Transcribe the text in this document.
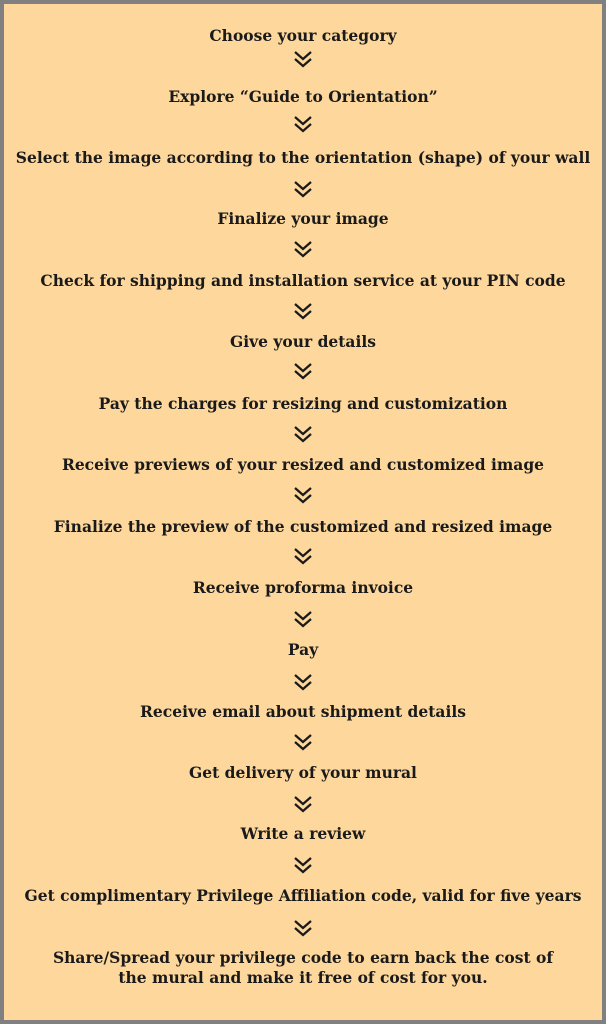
Choose your category
Explore “Guide to Orientation”
Select the image according to the orientation (shape) of your wall
Finalize your image
Check for shipping and installation service at your PIN code
Give your details
Pay the charges for resizing and customization
Receive previews of your resized and customized image
Finalize the preview of the customized and resized image
Receive proforma invoice
Pay
Receive email about shipment details
Get delivery of your mural
Write a review
Get complimentary Privilege Affiliation code, valid for five years
Share/Spread your privilege code to earn back the cost of the mural and make it free of cost for you.
